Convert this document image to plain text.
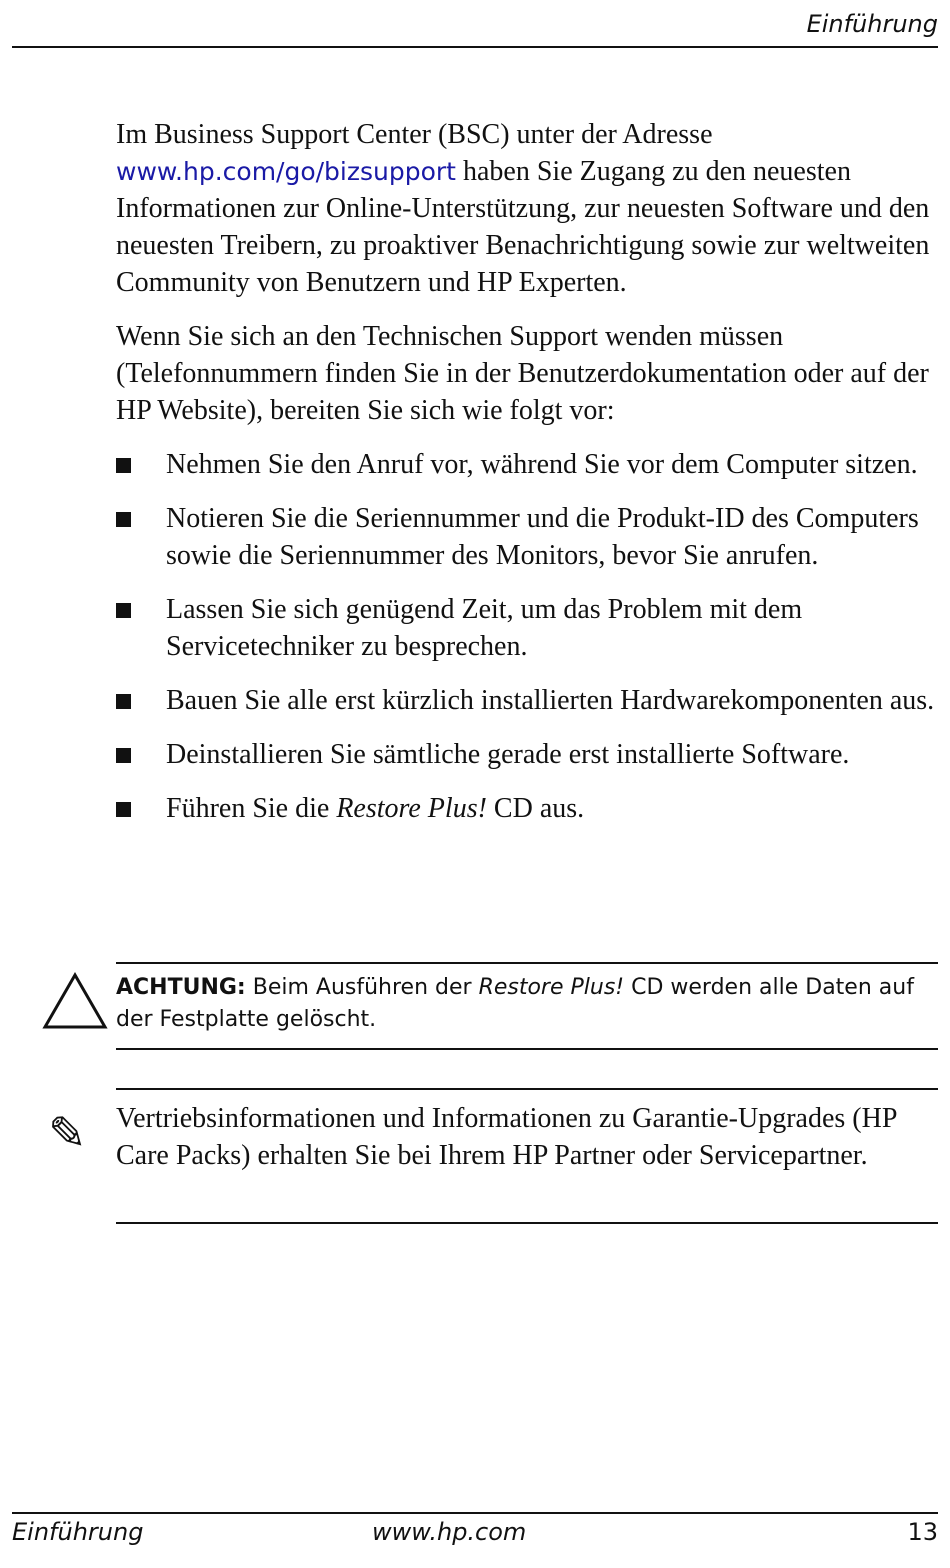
Einführung
Im Business Support Center (BSC) unter der Adresse www.hp.com/go/bizsupport haben Sie Zugang zu den neuesten Informationen zur Online-Unterstützung, zur neuesten Software und den neuesten Treibern, zu proaktiver Benachrichtigung sowie zur weltweiten Community von Benutzern und HP Experten.
Wenn Sie sich an den Technischen Support wenden müssen (Telefonnummern finden Sie in der Benutzerdokumentation oder auf der HP Website), bereiten Sie sich wie folgt vor:
Nehmen Sie den Anruf vor, während Sie vor dem Computer sitzen.
Notieren Sie die Seriennummer und die Produkt-ID des Computers sowie die Seriennummer des Monitors, bevor Sie anrufen.
Lassen Sie sich genügend Zeit, um das Problem mit dem Servicetechniker zu besprechen.
Bauen Sie alle erst kürzlich installierten Hardwarekomponenten aus.
Deinstallieren Sie sämtliche gerade erst installierte Software.
Führen Sie die Restore Plus! CD aus.
ACHTUNG: Beim Ausführen der Restore Plus! CD werden alle Daten auf der Festplatte gelöscht.
✎	Vertriebsinformationen und Informationen zu Garantie-Upgrades (HP Care Packs) erhalten Sie bei Ihrem HP Partner oder Servicepartner.
Einführung	www.hp.com	13
